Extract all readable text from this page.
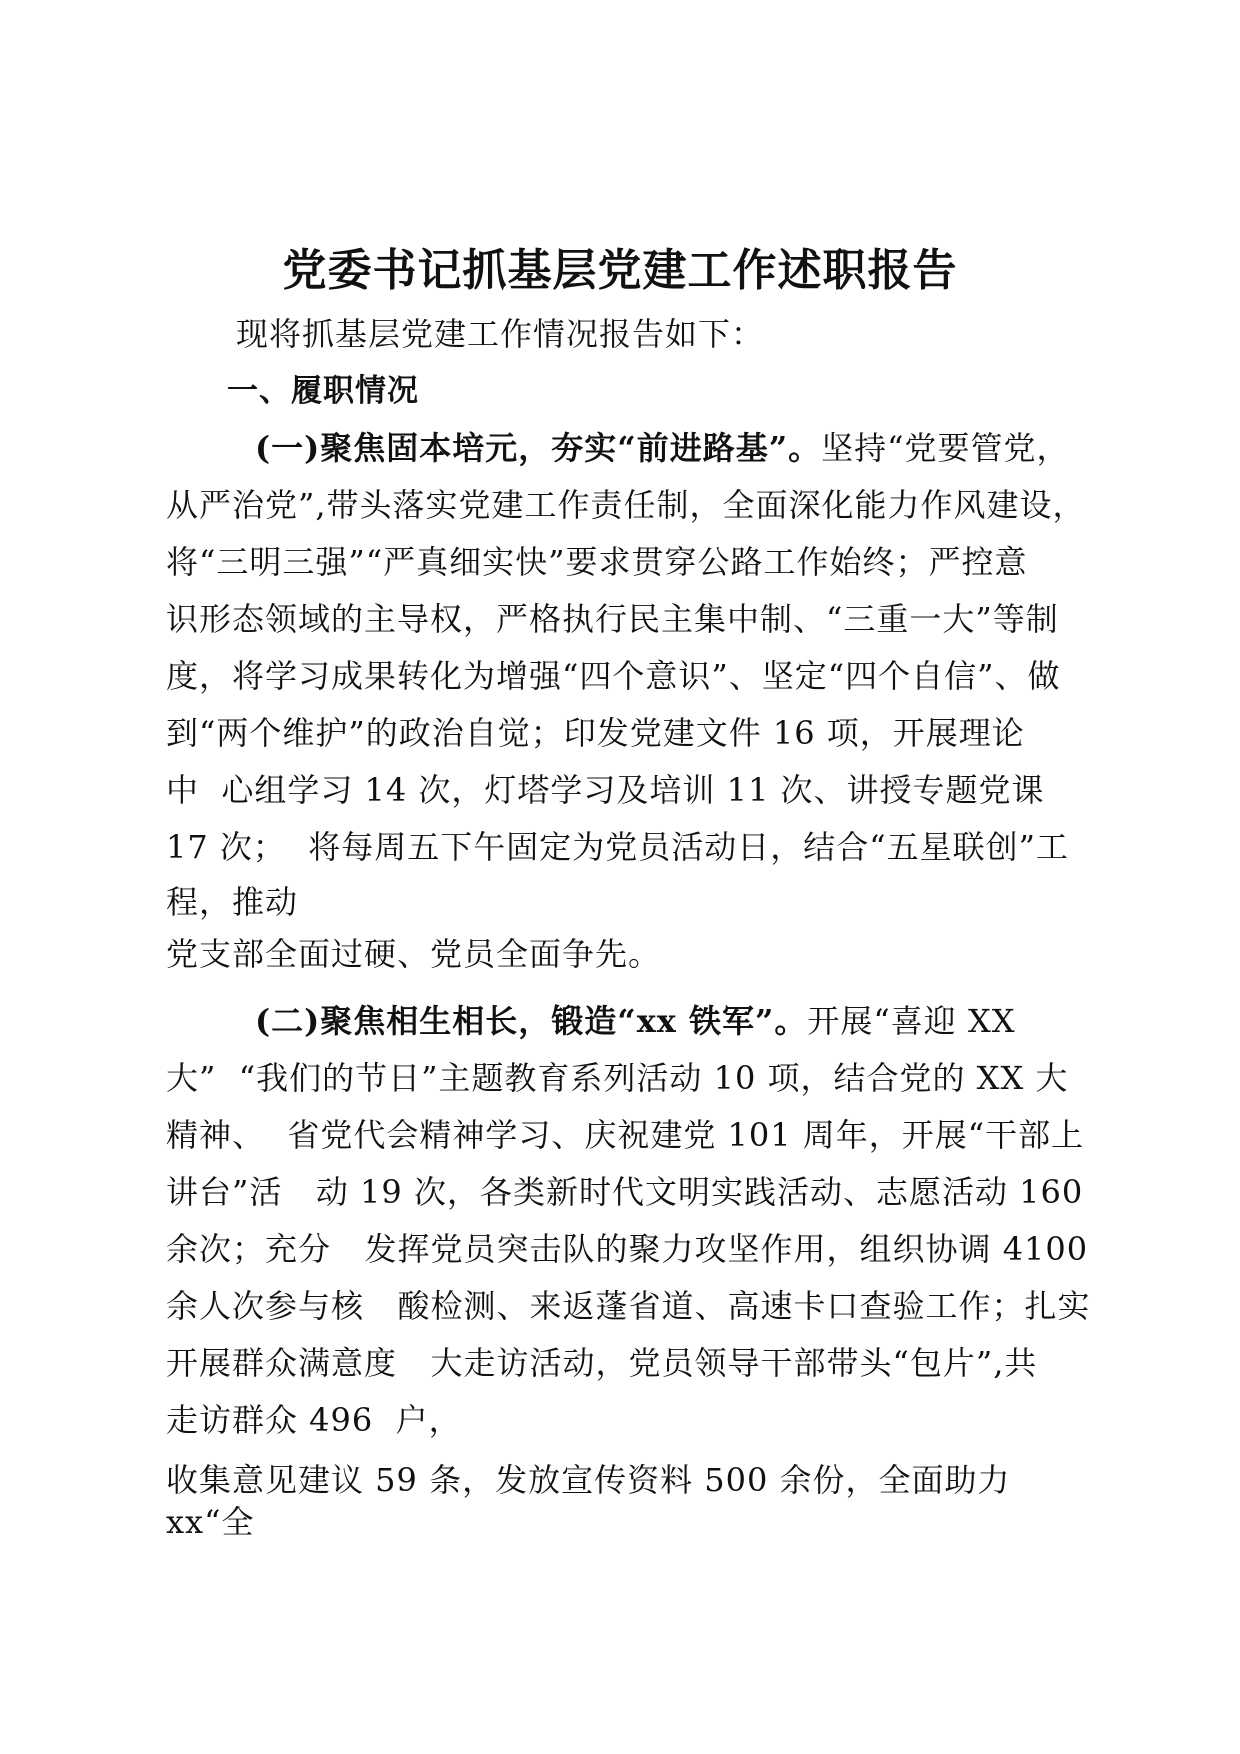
党委书记抓基层党建工作述职报告
现将抓基层党建工作情况报告如下：
一、履职情况
(一)聚焦固本培元，夯实“前进路基”。坚持“党要管党，
从严治党”,带头落实党建工作责任制，全面深化能力作风建设，
将“三明三强”“严真细实快”要求贯穿公路工作始终；严控意
识形态领域的主导权，严格执行民主集中制、“三重一大”等制
度，将学习成果转化为增强“四个意识”、坚定“四个自信”、做
到“两个维护”的政治自觉；印发党建文件 16 项，开展理论
中  心组学习 14 次，灯塔学习及培训 11 次、讲授专题党课
17 次；  将每周五下午固定为党员活动日，结合“五星联创”工
程，推动
党支部全面过硬、党员全面争先。
(二)聚焦相生相长，锻造“xx 铁军”。开展“喜迎 XX
大”  “我们的节日”主题教育系列活动 10 项，结合党的 XX 大
精神、  省党代会精神学习、庆祝建党 101 周年，开展“干部上
讲台”活   动 19 次，各类新时代文明实践活动、志愿活动 160
余次；充分   发挥党员突击队的聚力攻坚作用，组织协调 4100
余人次参与核   酸检测、来返蓬省道、高速卡口查验工作；扎实
开展群众满意度   大走访活动，党员领导干部带头“包片”,共
走访群众 496  户，
收集意见建议 59 条，发放宣传资料 500 余份，全面助力
xx“全
